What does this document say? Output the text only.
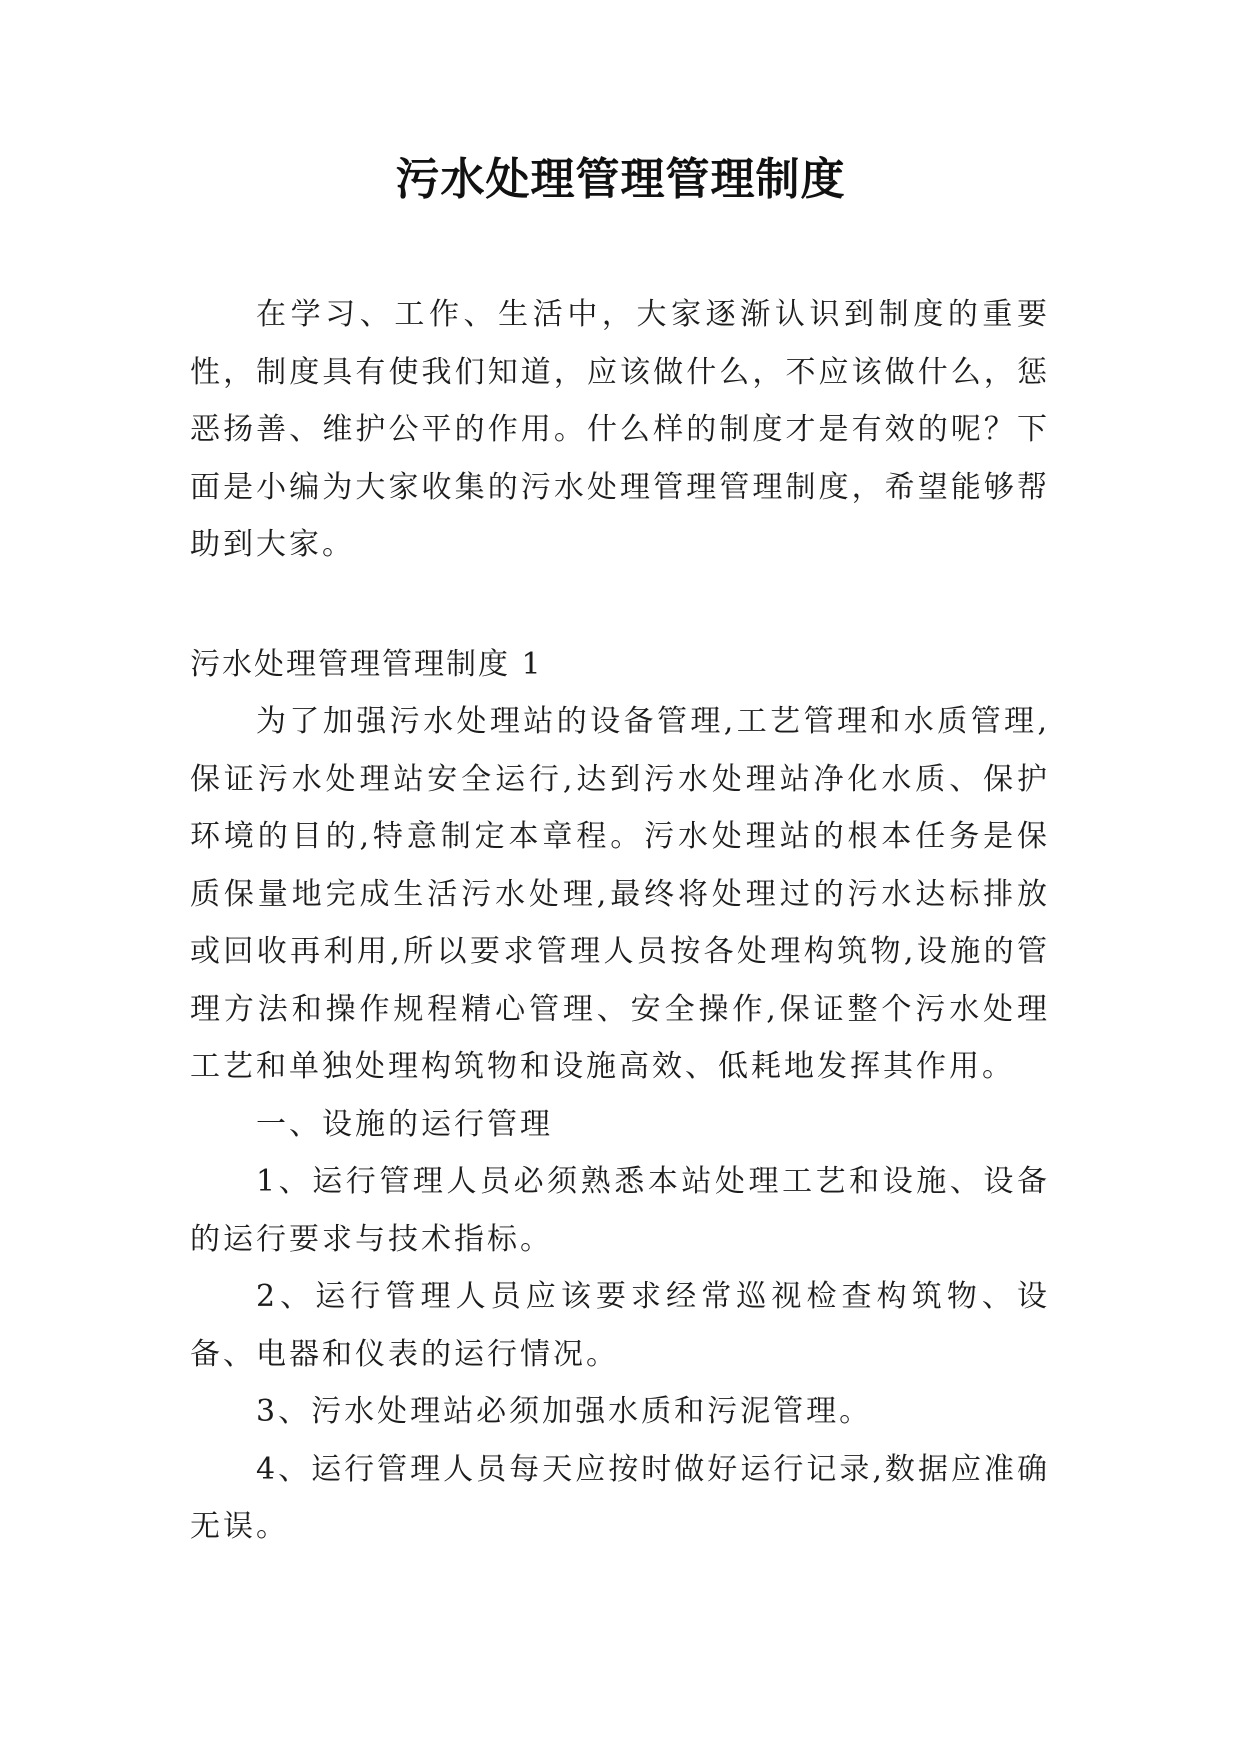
污水处理管理管理制度
在学习、工作、生活中，大家逐渐认识到制度的重要性，制度具有使我们知道，应该做什么，不应该做什么，惩恶扬善、维护公平的作用。什么样的制度才是有效的呢？下面是小编为大家收集的污水处理管理管理制度，希望能够帮助到大家。
污水处理管理管理制度 1

为了加强污水处理站的设备管理,工艺管理和水质管理,保证污水处理站安全运行,达到污水处理站净化水质、保护环境的目的,特意制定本章程。污水处理站的根本任务是保质保量地完成生活污水处理,最终将处理过的污水达标排放或回收再利用,所以要求管理人员按各处理构筑物,设施的管理方法和操作规程精心管理、安全操作,保证整个污水处理工艺和单独处理构筑物和设施高效、低耗地发挥其作用。

一、设施的运行管理

1、运行管理人员必须熟悉本站处理工艺和设施、设备的运行要求与技术指标。

2、运行管理人员应该要求经常巡视检查构筑物、设备、电器和仪表的运行情况。

3、污水处理站必须加强水质和污泥管理。

4、运行管理人员每天应按时做好运行记录,数据应准确无误。
